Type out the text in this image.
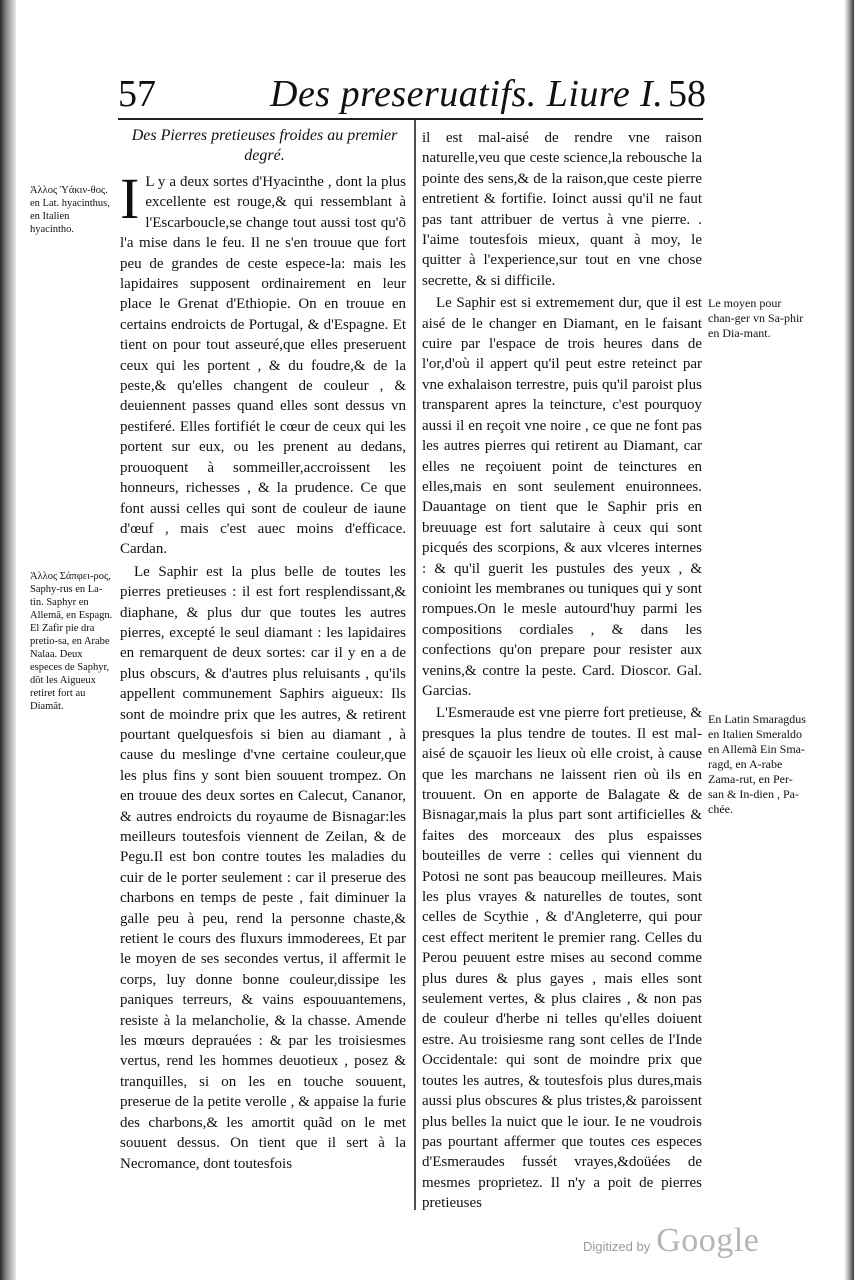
57	Des preseruatifs. Liure I. 58
Des Pierres pretieuses froides au premier degré.

I L y a deux sortes d'Hyacinthe , dont la plus excellente est rouge,& qui ressemblant à l'Escarboucle,se change tout aussi tost qu'õ l'a mise dans le feu. Il ne s'en trouue que fort peu de grandes de ceste espece-la: mais les lapidaires supposent ordinairement en leur place le Grenat d'Ethiopie. On en trouue en certains endroicts de Portugal, & d'Espagne. Et tient on pour tout asseuré,que elles preseruent ceux qui les portent , & du foudre,& de la peste,& qu'elles changent de couleur , & deuiennent passes quand elles sont dessus vn pestiferé. Elles fortifiét le cœur de ceux qui les portent sur eux, ou les prenent au dedans, prouoquent à sommeiller,accroissent les honneurs, richesses , & la prudence. Ce que font aussi celles qui sont de couleur de iaune d'œuf , mais c'est auec moins d'efficace. Cardan.

Le Saphir est la plus belle de toutes les pierres pretieuses : il est fort resplendissant,& diaphane, & plus dur que toutes les autres pierres, excepté le seul diamant : les lapidaires en remarquent de deux sortes: car il y en a de plus obscurs, & d'autres plus reluisants , qu'ils appellent communement Saphirs aigueux: Ils sont de moindre prix que les autres, & retirent pourtant quelquesfois si bien au diamant , à cause du meslinge d'vne certaine couleur,que les plus fins y sont bien souuent trompez. On en trouue des deux sortes en Calecut, Cananor, & autres endroicts du royaume de Bisnagar:les meilleurs toutesfois viennent de Zeilan, & de Pegu.Il est bon contre toutes les maladies du cuir de le porter seulement : car il preserue des charbons en temps de peste , fait diminuer la galle peu à peu, rend la personne chaste,& retient le cours des fluxurs immoderees, Et par le moyen de ses secondes vertus, il affermit le corps, luy donne bonne couleur,dissipe les paniques terreurs, & vains espouuantemens, resiste à la melancholie, & la chasse. Amende les mœurs deprauées : & par les troisiesmes vertus, rend les hommes deuotieux , posez & tranquilles, si on les en touche souuent, preserue de la petite verolle , & appaise la furie des charbons,& les amortit quãd on le met souuent dessus. On tient que il sert à la Necromance, dont toutesfois

il est mal-aisé de rendre vne raison naturelle,veu que ceste science,la rebousche la pointe des sens,& de la raison,que ceste pierre entretient & fortifie. Ioinct aussi qu'il ne faut pas tant attribuer de vertus à vne pierre. . I'aime toutesfois mieux, quant à moy, le quitter à l'experience,sur tout en vne chose secrette, & si difficile.

Le Saphir est si extremement dur, que il est aisé de le changer en Diamant, en le faisant cuire par l'espace de trois heures dans de l'or,d'où il appert qu'il peut estre reteinct par vne exhalaison terrestre, puis qu'il paroist plus transparent apres la teincture, c'est pourquoy aussi il en reçoit vne noire , ce que ne font pas les autres pierres qui retirent au Diamant, car elles ne reçoiuent point de teinctures en elles,mais en sont seulement enuironnees. Dauantage on tient que le Saphir pris en breuuage est fort salutaire à ceux qui sont picqués des scorpions, & aux vlceres internes : & qu'il guerit les pustules des yeux , & conioint les membranes ou tuniques qui y sont rompues.On le mesle autourd'huy parmi les compositions cordiales , & dans les confections qu'on prepare pour resister aux venins,& contre la peste. Card. Dioscor. Gal. Garcias.

L'Esmeraude est vne pierre fort pretieuse, & presques la plus tendre de toutes. Il est mal-aisé de sçauoir les lieux où elle croist, à cause que les marchans ne laissent rien où ils en trouuent. On en apporte de Balagate & de Bisnagar,mais la plus part sont artificielles & faites des morceaux des plus espaisses bouteilles de verre : celles qui viennent du Potosi ne sont pas beaucoup meilleures. Mais les plus vrayes & naturelles de toutes, sont celles de Scythie , & d'Angleterre, qui pour cest effect meritent le premier rang. Celles du Perou peuuent estre mises au second comme plus dures & plus gayes , mais elles sont seulement vertes, & plus claires , & non pas de couleur d'herbe ni telles qu'elles doiuent estre. Au troisiesme rang sont celles de l'Inde Occidentale: qui sont de moindre prix que toutes les autres, & toutesfois plus dures,mais aussi plus obscures & plus tristes,& paroissent plus belles la nuict que le iour. Ie ne voudrois pas pourtant affermer que toutes ces especes d'Esmeraudes fussét vrayes,&doüées de mesmes proprietez. Il n'y a poit de pierres pretieuses

Ἀλλος Ὑάκιν-θος. en Lat. hyacinthus, en Italien hyacintho.
Ἀλλος Σάπφει-ρος, Saphy-rus en La-tin. Saphyr en Allemã, en Espagn. El Zafir pie dra pretio-sa, en Arabe Nalaa. Deux especes de Saphyr, dõt les Aigueux retiret fort au Diamãt.
Le moyen pour chan-ger vn Sa-phir en Dia-mant.
En Latin Smaragdus en Italien Smeraldo en Allemã Ein Sma-ragd, en A-rabe Zama-rut, en Per-san & In-dien , Pa-chée.
Digitized by Google
